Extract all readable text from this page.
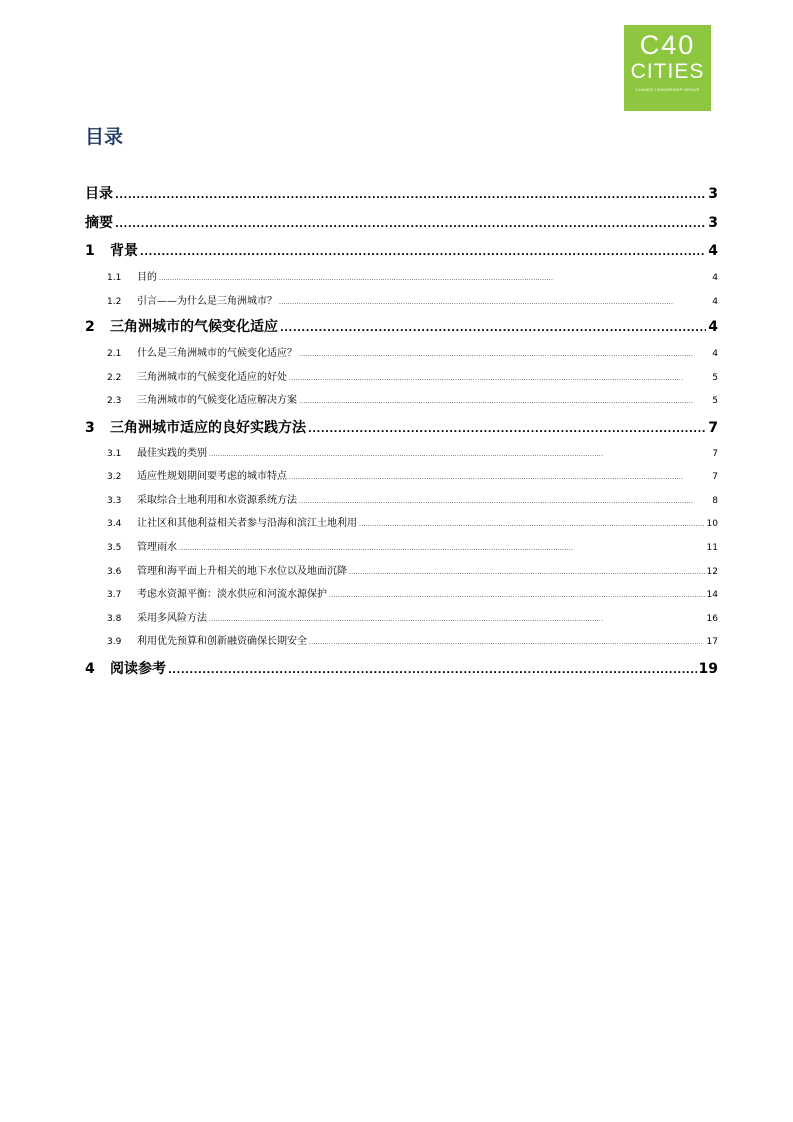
C40
CITIES
CLIMATE LEADERSHIP GROUP
目录
目录 . . .	3
摘要 . . .	3
1	背景 . . .	4
1.1	目的 . . .	4
1.2	引言——为什么是三角洲城市？ . . .	4
2	三角洲城市的气候变化适应 . . .	4
2.1	什么是三角洲城市的气候变化适应？ . . .	4
2.2	三角洲城市的气候变化适应的好处 . . .	5
2.3	三角洲城市的气候变化适应解决方案 . . .	5
3	三角洲城市适应的良好实践方法 . . .	7
3.1	最佳实践的类别 . . .	7
3.2	适应性规划期间要考虑的城市特点 . . .	7
3.3	采取综合土地利用和水资源系统方法 . . .	8
3.4	让社区和其他利益相关者参与沿海和滨江土地利用 . . .	10
3.5	管理雨水 . . .	11
3.6	管理和海平面上升相关的地下水位以及地面沉降 . . .	12
3.7	考虑水资源平衡：淡水供应和河流水源保护 . . .	14
3.8	采用多风险方法 . . .	16
3.9	利用优先预算和创新融资确保长期安全 . . .	17
4	阅读参考 . . .	19
